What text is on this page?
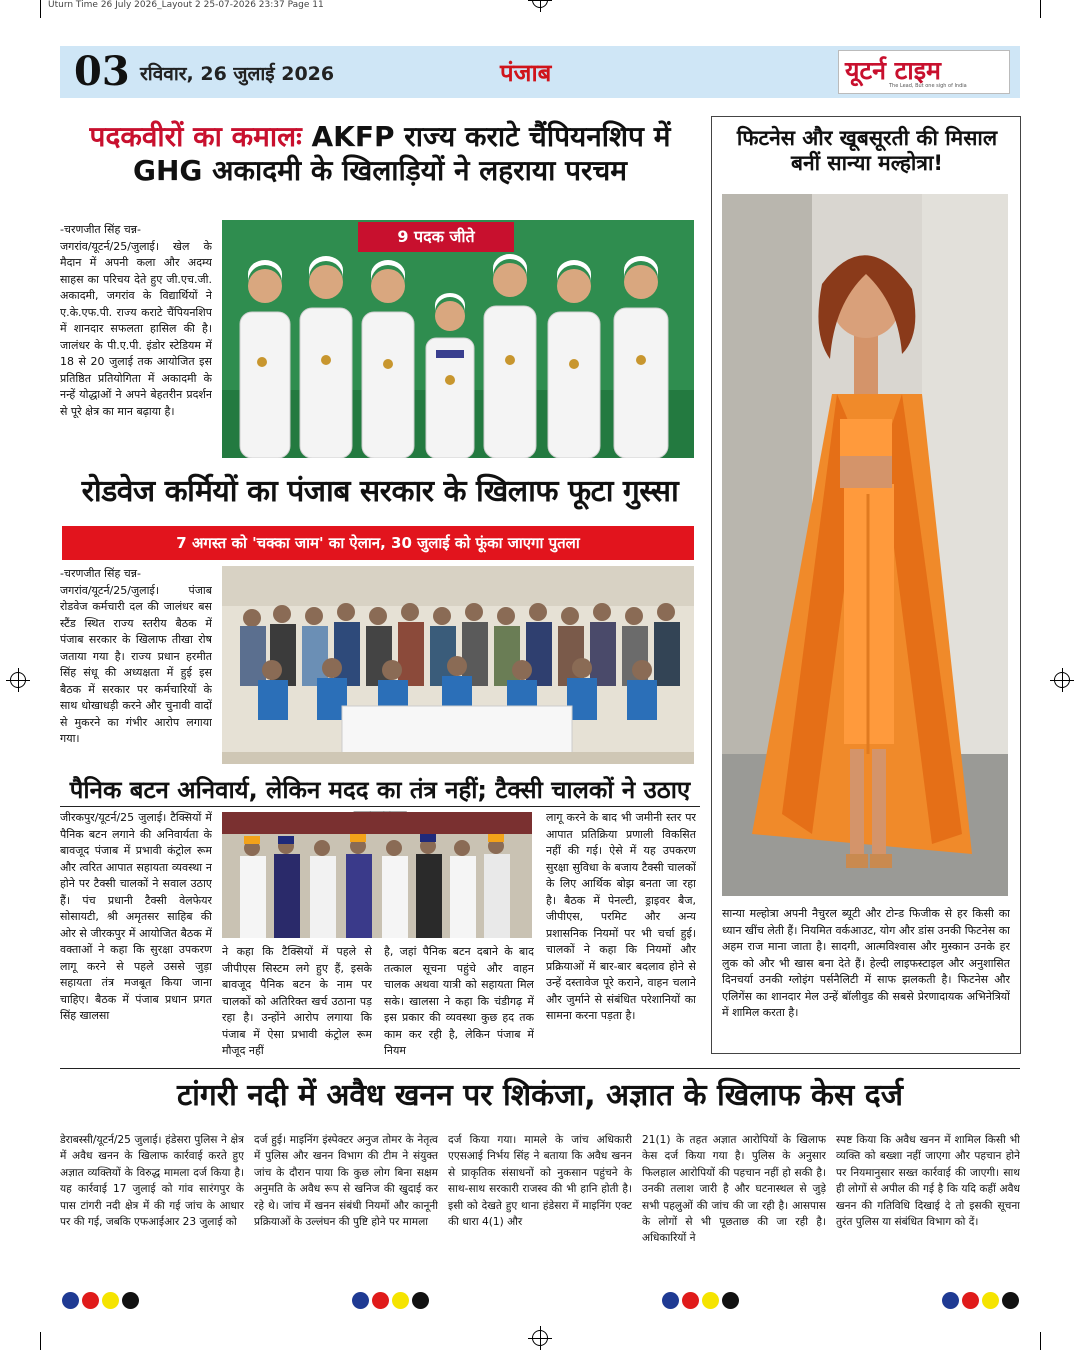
Uturn Time 26 July 2026_Layout 2 25-07-2026 23:37 Page 11
03 रविवार, 26 जुलाई 2026	पंजाब	यूटर्न टाइम
The Lead, But one sigh of India
पदकवीरों का कमालः AKFP राज्य कराटे चैंपियनशिप में GHG अकादमी के खिलाड़ियों ने लहराया परचम
-चरणजीत सिंह चन्न-
जगरांव/यूटर्न/25/जुलाई। खेल के मैदान में अपनी कला और अदम्य साहस का परिचय देते हुए जी.एच.जी. अकादमी, जगरांव के विद्यार्थियों ने ए.के.एफ.पी. राज्य कराटे चैंपियनशिप में शानदार सफलता हासिल की है। जालंधर के पी.ए.पी. इंडोर स्टेडियम में 18 से 20 जुलाई तक आयोजित इस प्रतिष्ठित प्रतियोगिता में अकादमी के नन्हें योद्धाओं ने अपने बेहतरीन प्रदर्शन से पूरे क्षेत्र का मान बढ़ाया है।
9 पदक जीते
रोडवेज कर्मियों का पंजाब सरकार के खिलाफ फूटा गुस्सा
7 अगस्त को 'चक्का जाम' का ऐलान, 30 जुलाई को फूंका जाएगा पुतला
-चरणजीत सिंह चन्न-
जगरांव/यूटर्न/25/जुलाई। पंजाब रोडवेज कर्मचारी दल की जालंधर बस स्टैंड स्थित राज्य स्तरीय बैठक में पंजाब सरकार के खिलाफ तीखा रोष जताया गया है। राज्य प्रधान हरमीत सिंह संधू की अध्यक्षता में हुई इस बैठक में सरकार पर कर्मचारियों के साथ धोखाधड़ी करने और चुनावी वादों से मुकरने का गंभीर आरोप लगाया गया।
पैनिक बटन अनिवार्य, लेकिन मदद का तंत्र नहीं; टैक्सी चालकों ने उठाए
जीरकपुर/यूटर्न/25 जुलाई। टैक्सियों में पैनिक बटन लगाने की अनिवार्यता के बावजूद पंजाब में प्रभावी कंट्रोल रूम और त्वरित आपात सहायता व्यवस्था न होने पर टैक्सी चालकों ने सवाल उठाए हैं। पंच प्रधानी टैक्सी वेलफेयर सोसायटी, श्री अमृतसर साहिब की ओर से जीरकपुर में आयोजित बैठक में वक्ताओं ने कहा कि सुरक्षा उपकरण लागू करने से पहले उससे जुड़ा सहायता तंत्र मजबूत किया जाना चाहिए। बैठक में पंजाब प्रधान प्रगत सिंह खालसा
ने कहा कि टैक्सियों में पहले से जीपीएस सिस्टम लगे हुए हैं, इसके बावजूद पैनिक बटन के नाम पर चालकों को अतिरिक्त खर्च उठाना पड़ रहा है। उन्होंने आरोप लगाया कि पंजाब में ऐसा प्रभावी कंट्रोल रूम मौजूद नहीं
है, जहां पैनिक बटन दबाने के बाद तत्काल सूचना पहुंचे और वाहन चालक अथवा यात्री को सहायता मिल सके। खालसा ने कहा कि चंडीगढ़ में इस प्रकार की व्यवस्था कुछ हद तक काम कर रही है, लेकिन पंजाब में नियम
लागू करने के बाद भी जमीनी स्तर पर आपात प्रतिक्रिया प्रणाली विकसित नहीं की गई। ऐसे में यह उपकरण सुरक्षा सुविधा के बजाय टैक्सी चालकों के लिए आर्थिक बोझ बनता जा रहा है। बैठक में पेनल्टी, ड्राइवर बैज, जीपीएस, परमिट और अन्य प्रशासनिक नियमों पर भी चर्चा हुई। चालकों ने कहा कि नियमों और प्रक्रियाओं में बार-बार बदलाव होने से उन्हें दस्तावेज पूरे कराने, वाहन चलाने और जुर्माने से संबंधित परेशानियों का सामना करना पड़ता है।
फिटनेस और खूबसूरती की मिसाल बनीं सान्या मल्होत्रा!
सान्या मल्होत्रा अपनी नैचुरल ब्यूटी और टोन्ड फिजीक से हर किसी का ध्यान खींच लेती हैं। नियमित वर्कआउट, योग और डांस उनकी फिटनेस का अहम राज माना जाता है। सादगी, आत्मविश्वास और मुस्कान उनके हर लुक को और भी खास बना देते हैं। हेल्दी लाइफस्टाइल और अनुशासित दिनचर्या उनकी ग्लोइंग पर्सनैलिटी में साफ झलकती है। फिटनेस और एलिगेंस का शानदार मेल उन्हें बॉलीवुड की सबसे प्रेरणादायक अभिनेत्रियों में शामिल करता है।
टांगरी नदी में अवैध खनन पर शिकंजा, अज्ञात के खिलाफ केस दर्ज
डेराबस्सी/यूटर्न/25 जुलाई। हंडेसरा पुलिस ने क्षेत्र में अवैध खनन के खिलाफ कार्रवाई करते हुए अज्ञात व्यक्तियों के विरुद्ध मामला दर्ज किया है। यह कार्रवाई 17 जुलाई को गांव सारंगपुर के पास टांगरी नदी क्षेत्र में की गई जांच के आधार पर की गई, जबकि एफआईआर 23 जुलाई को
दर्ज हुई। माइनिंग इंस्पेक्टर अनुज तोमर के नेतृत्व में पुलिस और खनन विभाग की टीम ने संयुक्त जांच के दौरान पाया कि कुछ लोग बिना सक्षम अनुमति के अवैध रूप से खनिज की खुदाई कर रहे थे। जांच में खनन संबंधी नियमों और कानूनी प्रक्रियाओं के उल्लंघन की पुष्टि होने पर मामला
दर्ज किया गया। मामले के जांच अधिकारी एएसआई निर्भय सिंह ने बताया कि अवैध खनन से प्राकृतिक संसाधनों को नुकसान पहुंचने के साथ-साथ सरकारी राजस्व की भी हानि होती है। इसी को देखते हुए थाना हंडेसरा में माइनिंग एक्ट की धारा 4(1) और
21(1) के तहत अज्ञात आरोपियों के खिलाफ केस दर्ज किया गया है। पुलिस के अनुसार फिलहाल आरोपियों की पहचान नहीं हो सकी है। उनकी तलाश जारी है और घटनास्थल से जुड़े सभी पहलुओं की जांच की जा रही है। आसपास के लोगों से भी पूछताछ की जा रही है। अधिकारियों ने
स्पष्ट किया कि अवैध खनन में शामिल किसी भी व्यक्ति को बख्शा नहीं जाएगा और पहचान होने पर नियमानुसार सख्त कार्रवाई की जाएगी। साथ ही लोगों से अपील की गई है कि यदि कहीं अवैध खनन की गतिविधि दिखाई दे तो इसकी सूचना तुरंत पुलिस या संबंधित विभाग को दें।
